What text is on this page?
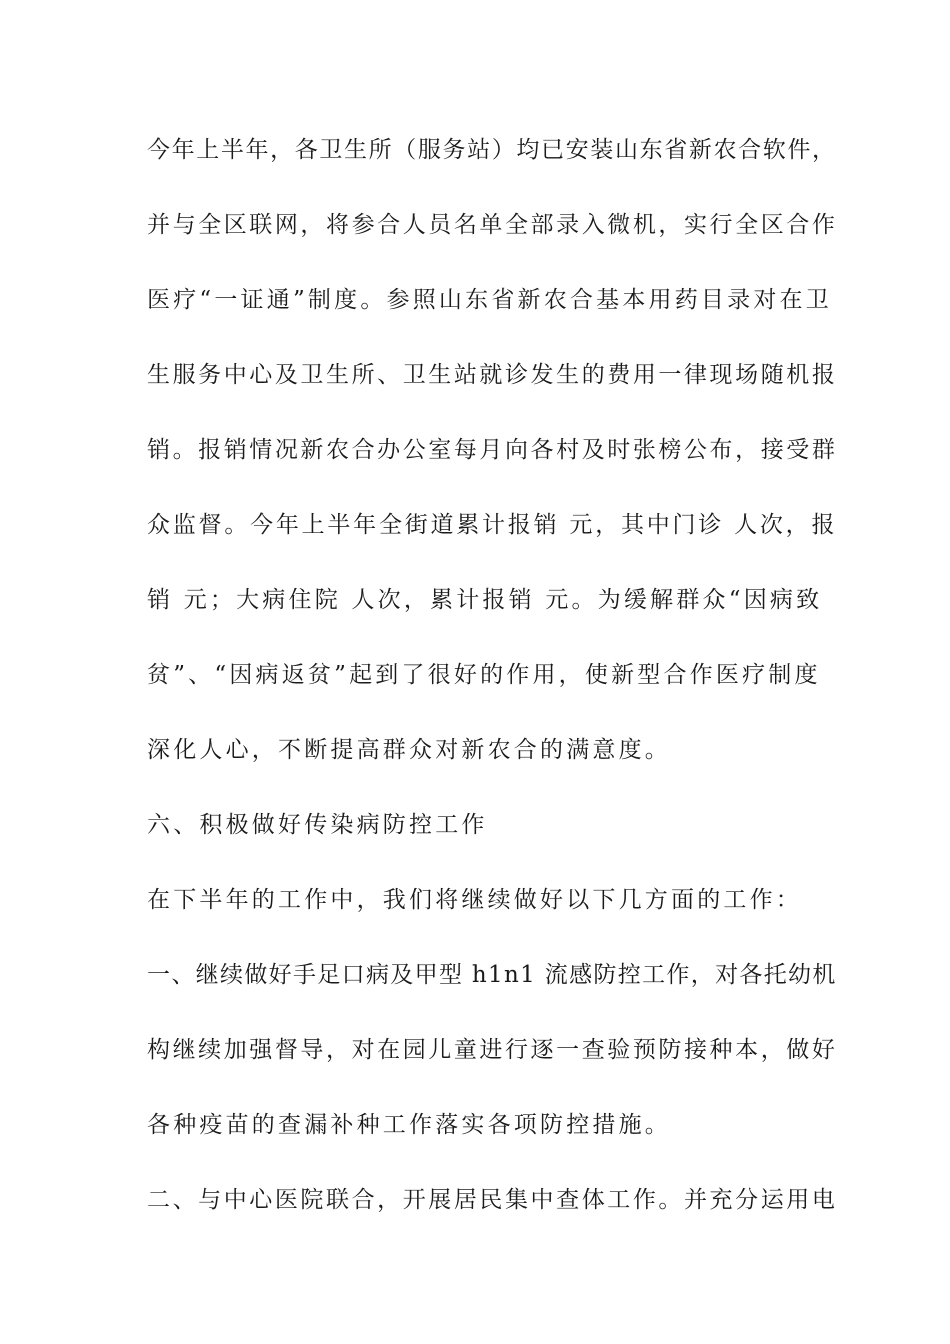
今年上半年，各卫生所（服务站）均已安装山东省新农合软件，
并与全区联网，将参合人员名单全部录入微机，实行全区合作
医疗“一证通”制度。参照山东省新农合基本用药目录对在卫
生服务中心及卫生所、卫生站就诊发生的费用一律现场随机报
销。报销情况新农合办公室每月向各村及时张榜公布，接受群
众监督。今年上半年全街道累计报销 元，其中门诊 人次，报
销 元；大病住院 人次，累计报销 元。为缓解群众“因病致
贫”、“因病返贫”起到了很好的作用，使新型合作医疗制度
深化人心，不断提高群众对新农合的满意度。
六、积极做好传染病防控工作
在下半年的工作中，我们将继续做好以下几方面的工作：
一、继续做好手足口病及甲型 h1n1 流感防控工作，对各托幼机
构继续加强督导，对在园儿童进行逐一查验预防接种本，做好
各种疫苗的查漏补种工作落实各项防控措施。
二、与中心医院联合，开展居民集中查体工作。并充分运用电
